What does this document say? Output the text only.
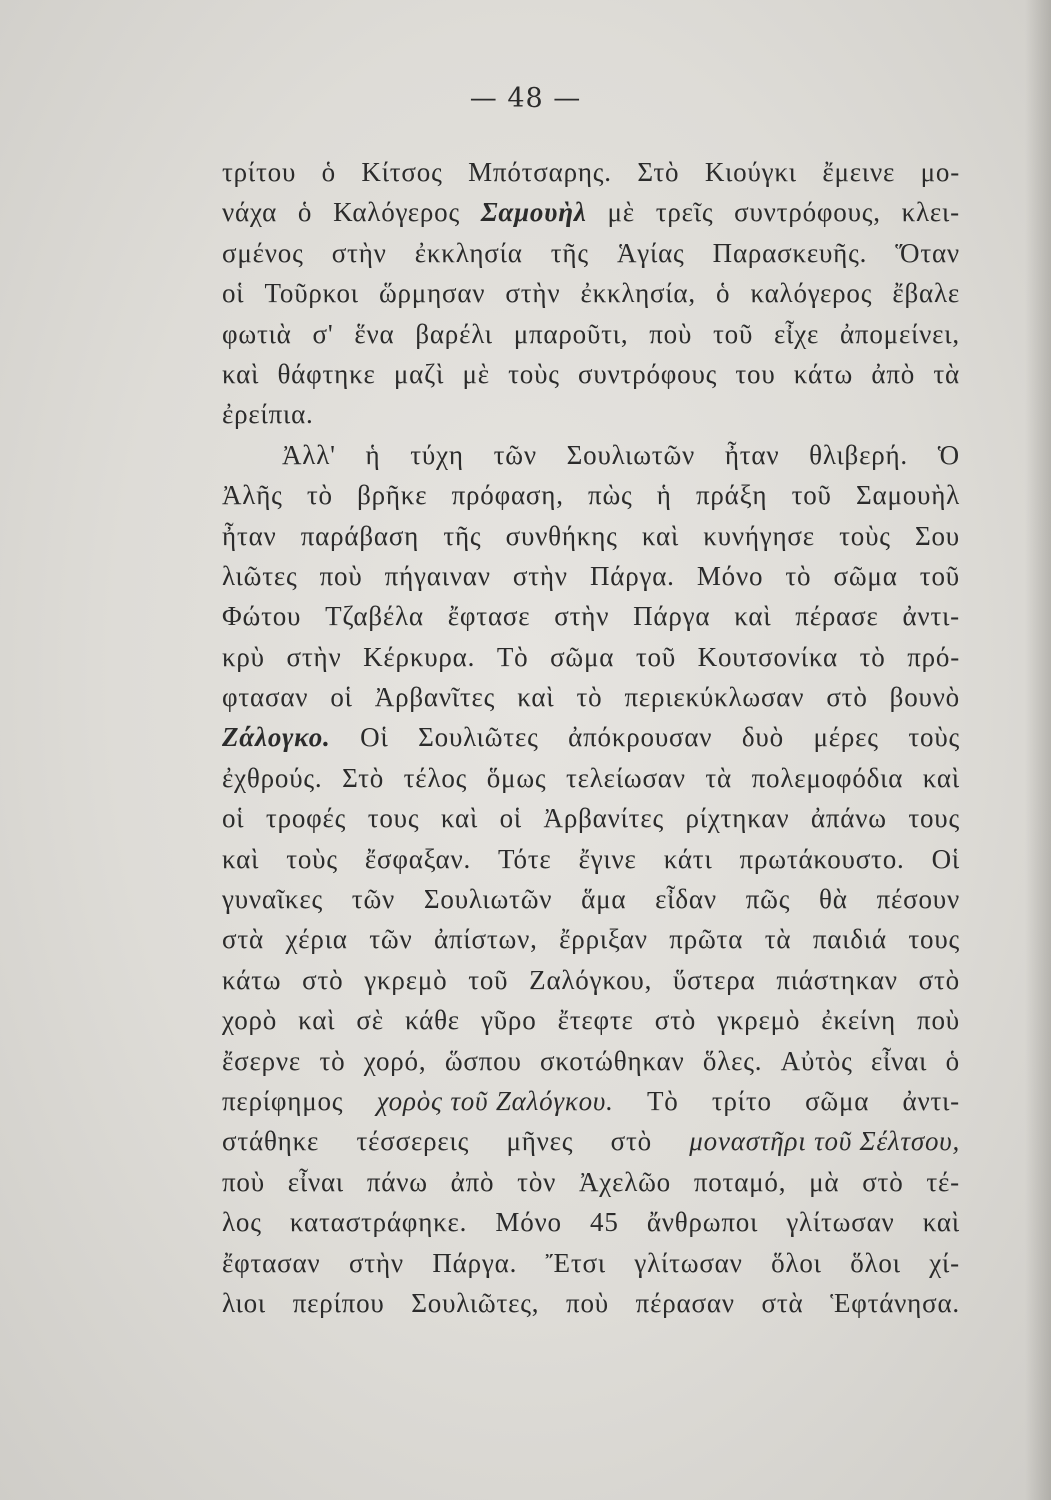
— 48 —
τρίτου ὁ Κίτσος Μπότσαρης. Στὸ Κιούγκι ἔμεινε μο-
νάχα ὁ Καλόγερος Σαμουὴλ μὲ τρεῖς συντρόφους, κλει-
σμένος στὴν ἐκκλησία τῆς Ἁγίας Παρασκευῆς. Ὅταν
οἱ Τοῦρκοι ὥρμησαν στὴν ἐκκλησία, ὁ καλόγερος ἔβαλε
φωτιὰ σ' ἕνα βαρέλι μπαροῦτι, ποὺ τοῦ εἶχε ἀπομείνει,
καὶ θάφτηκε μαζὶ μὲ τοὺς συντρόφους του κάτω ἀπὸ τὰ
ἐρείπια.
Ἀλλ' ἡ τύχη τῶν Σουλιωτῶν ἦταν θλιβερή. Ὁ
Ἀλῆς τὸ βρῆκε πρόφαση, πὼς ἡ πράξη τοῦ Σαμουὴλ
ἦταν παράβαση τῆς συνθήκης καὶ κυνήγησε τοὺς Σου
λιῶτες ποὺ πήγαιναν στὴν Πάργα. Μόνο τὸ σῶμα τοῦ
Φώτου Τζαβέλα ἔφτασε στὴν Πάργα καὶ πέρασε ἀντι-
κρὺ στὴν Κέρκυρα. Τὸ σῶμα τοῦ Κουτσονίκα τὸ πρό-
φτασαν οἱ Ἀρβανῖτες καὶ τὸ περιεκύκλωσαν στὸ βουνὸ
Ζάλογκο. Οἱ Σουλιῶτες ἀπόκρουσαν δυὸ μέρες τοὺς
ἐχθρούς. Στὸ τέλος ὅμως τελείωσαν τὰ πολεμοφόδια καὶ
οἱ τροφές τους καὶ οἱ Ἀρβανίτες ρίχτηκαν ἀπάνω τους
καὶ τοὺς ἔσφαξαν. Τότε ἔγινε κάτι πρωτάκουστο. Οἱ
γυναῖκες τῶν Σουλιωτῶν ἅμα εἶδαν πῶς θὰ πέσουν
στὰ χέρια τῶν ἀπίστων, ἔρριξαν πρῶτα τὰ παιδιά τους
κάτω στὸ γκρεμὸ τοῦ Ζαλόγκου, ὕστερα πιάστηκαν στὸ
χορὸ καὶ σὲ κάθε γῦρο ἔτεφτε στὸ γκρεμὸ ἐκείνη ποὺ
ἔσερνε τὸ χορό, ὥσπου σκοτώθηκαν ὅλες. Αὐτὸς εἶναι ὁ
περίφημος χορὸς τοῦ Ζαλόγκου. Τὸ τρίτο σῶμα ἀντι-
στάθηκε τέσσερεις μῆνες στὸ μοναστῆρι τοῦ Σέλτσου,
ποὺ εἶναι πάνω ἀπὸ τὸν Ἀχελῶο ποταμό, μὰ στὸ τέ-
λος καταστράφηκε. Μόνο 45 ἄνθρωποι γλίτωσαν καὶ
ἔφτασαν στὴν Πάργα. Ἔτσι γλίτωσαν ὅλοι ὅλοι χί-
λιοι περίπου Σουλιῶτες, ποὺ πέρασαν στὰ Ἑφτάνησα.
